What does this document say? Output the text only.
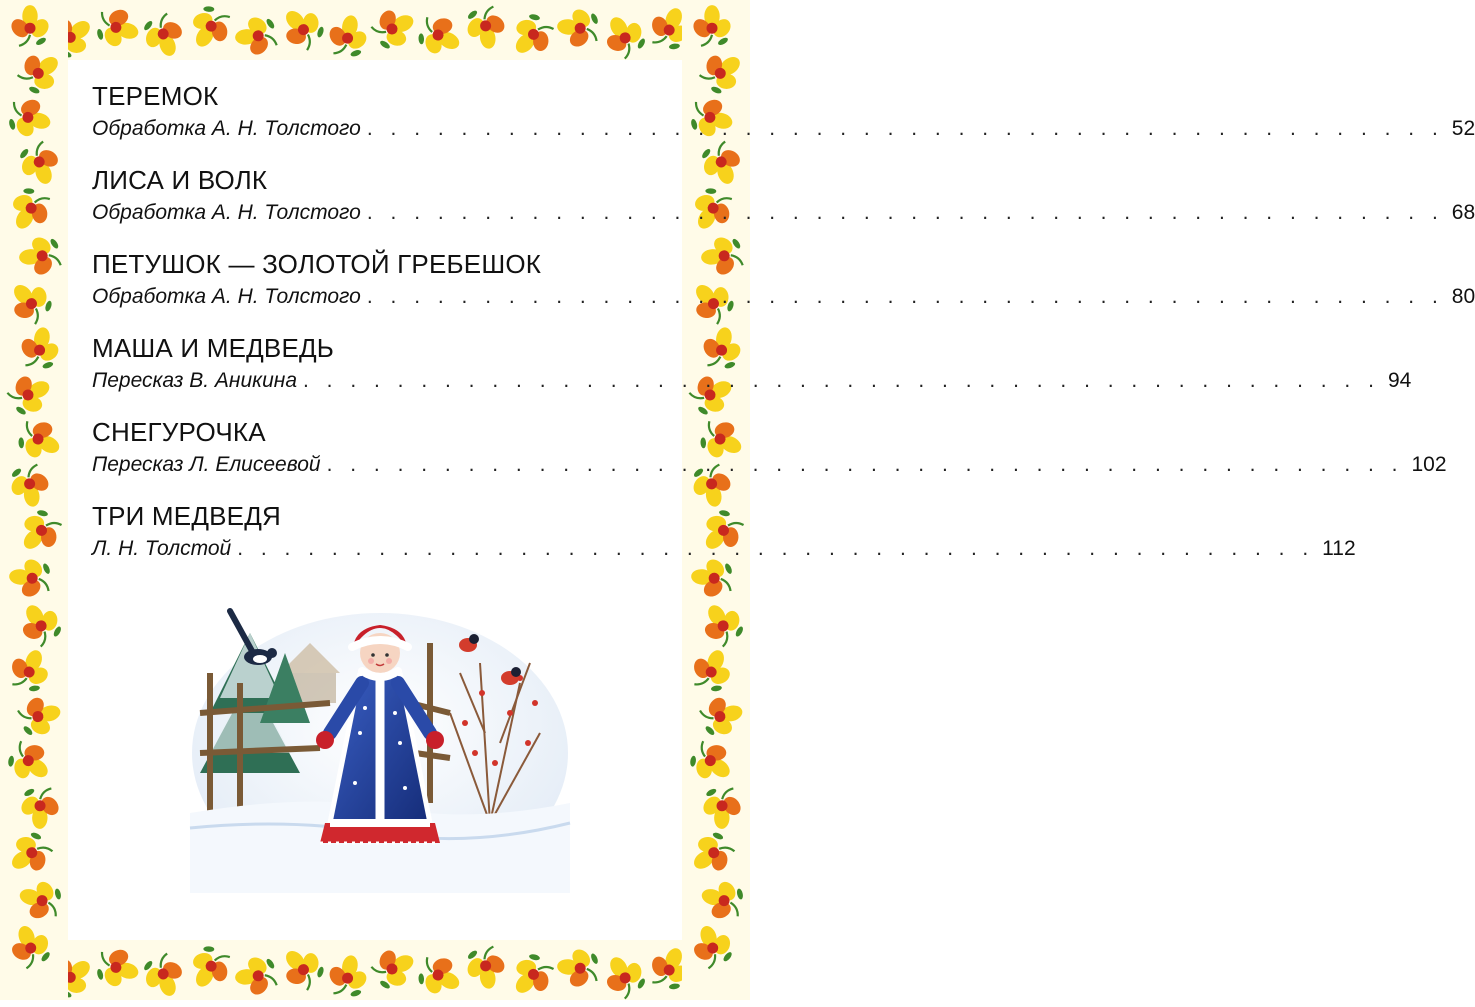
ТЕРЕМОК
Обработка А. Н. Толстого . . . . . . . . . . . . . . . . . . . . . . . . . . . . . . . . . . . . . . . . . . . . . . 52
ЛИСА И ВОЛК
Обработка А. Н. Толстого . . . . . . . . . . . . . . . . . . . . . . . . . . . . . . . . . . . . . . . . . . . . . . 68
ПЕТУШОК — ЗОЛОТОЙ ГРЕБЕШОК
Обработка А. Н. Толстого . . . . . . . . . . . . . . . . . . . . . . . . . . . . . . . . . . . . . . . . . . . . . . 80
МАША И МЕДВЕДЬ
Пересказ В. Аникина . . . . . . . . . . . . . . . . . . . . . . . . . . . . . . . . . . . . . . . . . . . . . . 94
СНЕГУРОЧКА
Пересказ Л. Елисеевой . . . . . . . . . . . . . . . . . . . . . . . . . . . . . . . . . . . . . . . . . . . . . . 102
ТРИ МЕДВЕДЯ
Л. Н. Толстой . . . . . . . . . . . . . . . . . . . . . . . . . . . . . . . . . . . . . . . . . . . . . . 112
